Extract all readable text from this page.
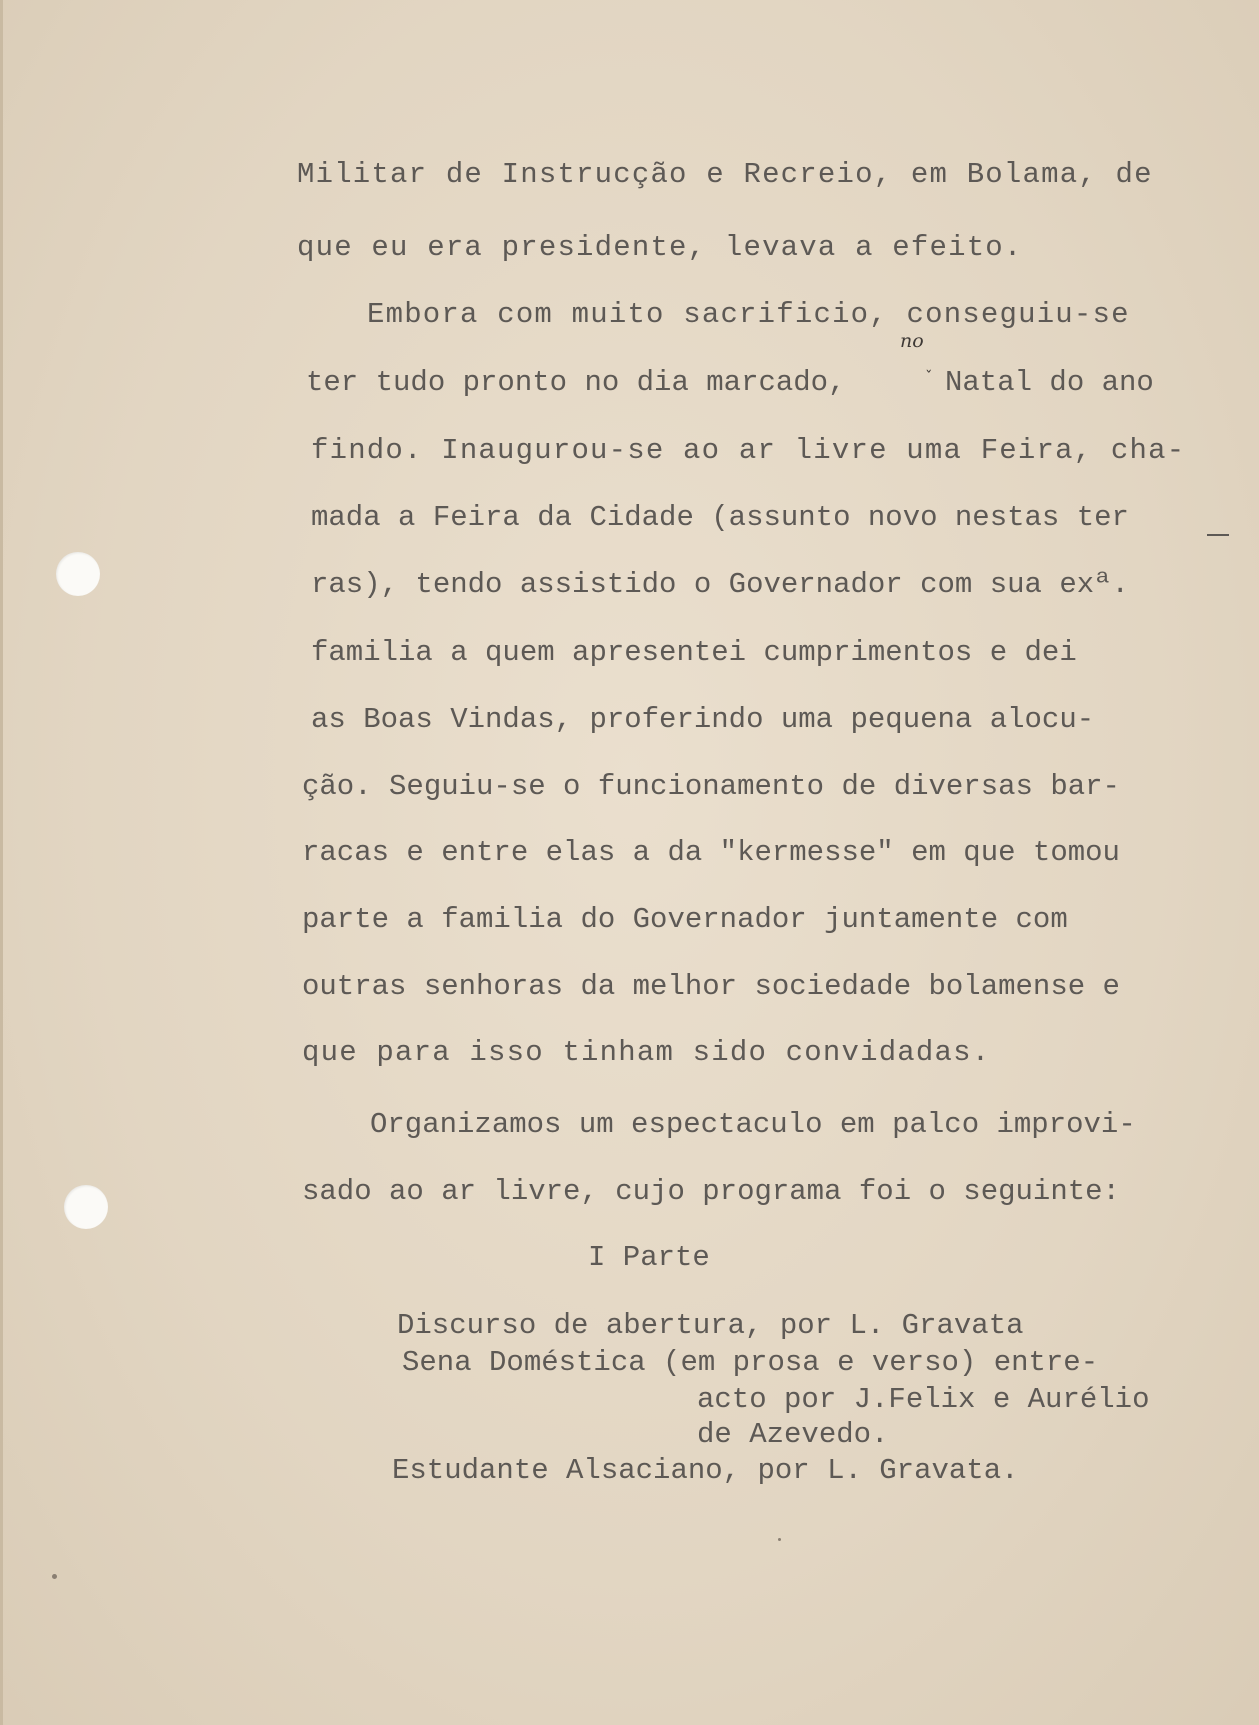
Militar de Instrucção e Recreio, em Bolama, de
que eu era presidente, levava a efeito.
Embora com muito sacrificio, conseguiu-se
ter tudo pronto no dia marcado,
no
ˇ Natal do ano
findo. Inaugurou-se ao ar livre uma Feira, cha-
mada a Feira da Cidade (assunto novo nestas ter
ras), tendo assistido o Governador com sua exª.
familia a quem apresentei cumprimentos e dei
as Boas Vindas, proferindo uma pequena alocu-
ção. Seguiu-se o funcionamento de diversas bar-
racas e entre elas a da "kermesse" em que tomou
parte a familia do Governador juntamente com
outras senhoras da melhor sociedade bolamense e
que para isso tinham sido convidadas.
Organizamos um espectaculo em palco improvi-
sado ao ar livre, cujo programa foi o seguinte:
I Parte
Discurso de abertura, por L. Gravata
Sena Doméstica (em prosa e verso) entre-
acto por J.Felix e Aurélio
de Azevedo.
Estudante Alsaciano, por L. Gravata.
